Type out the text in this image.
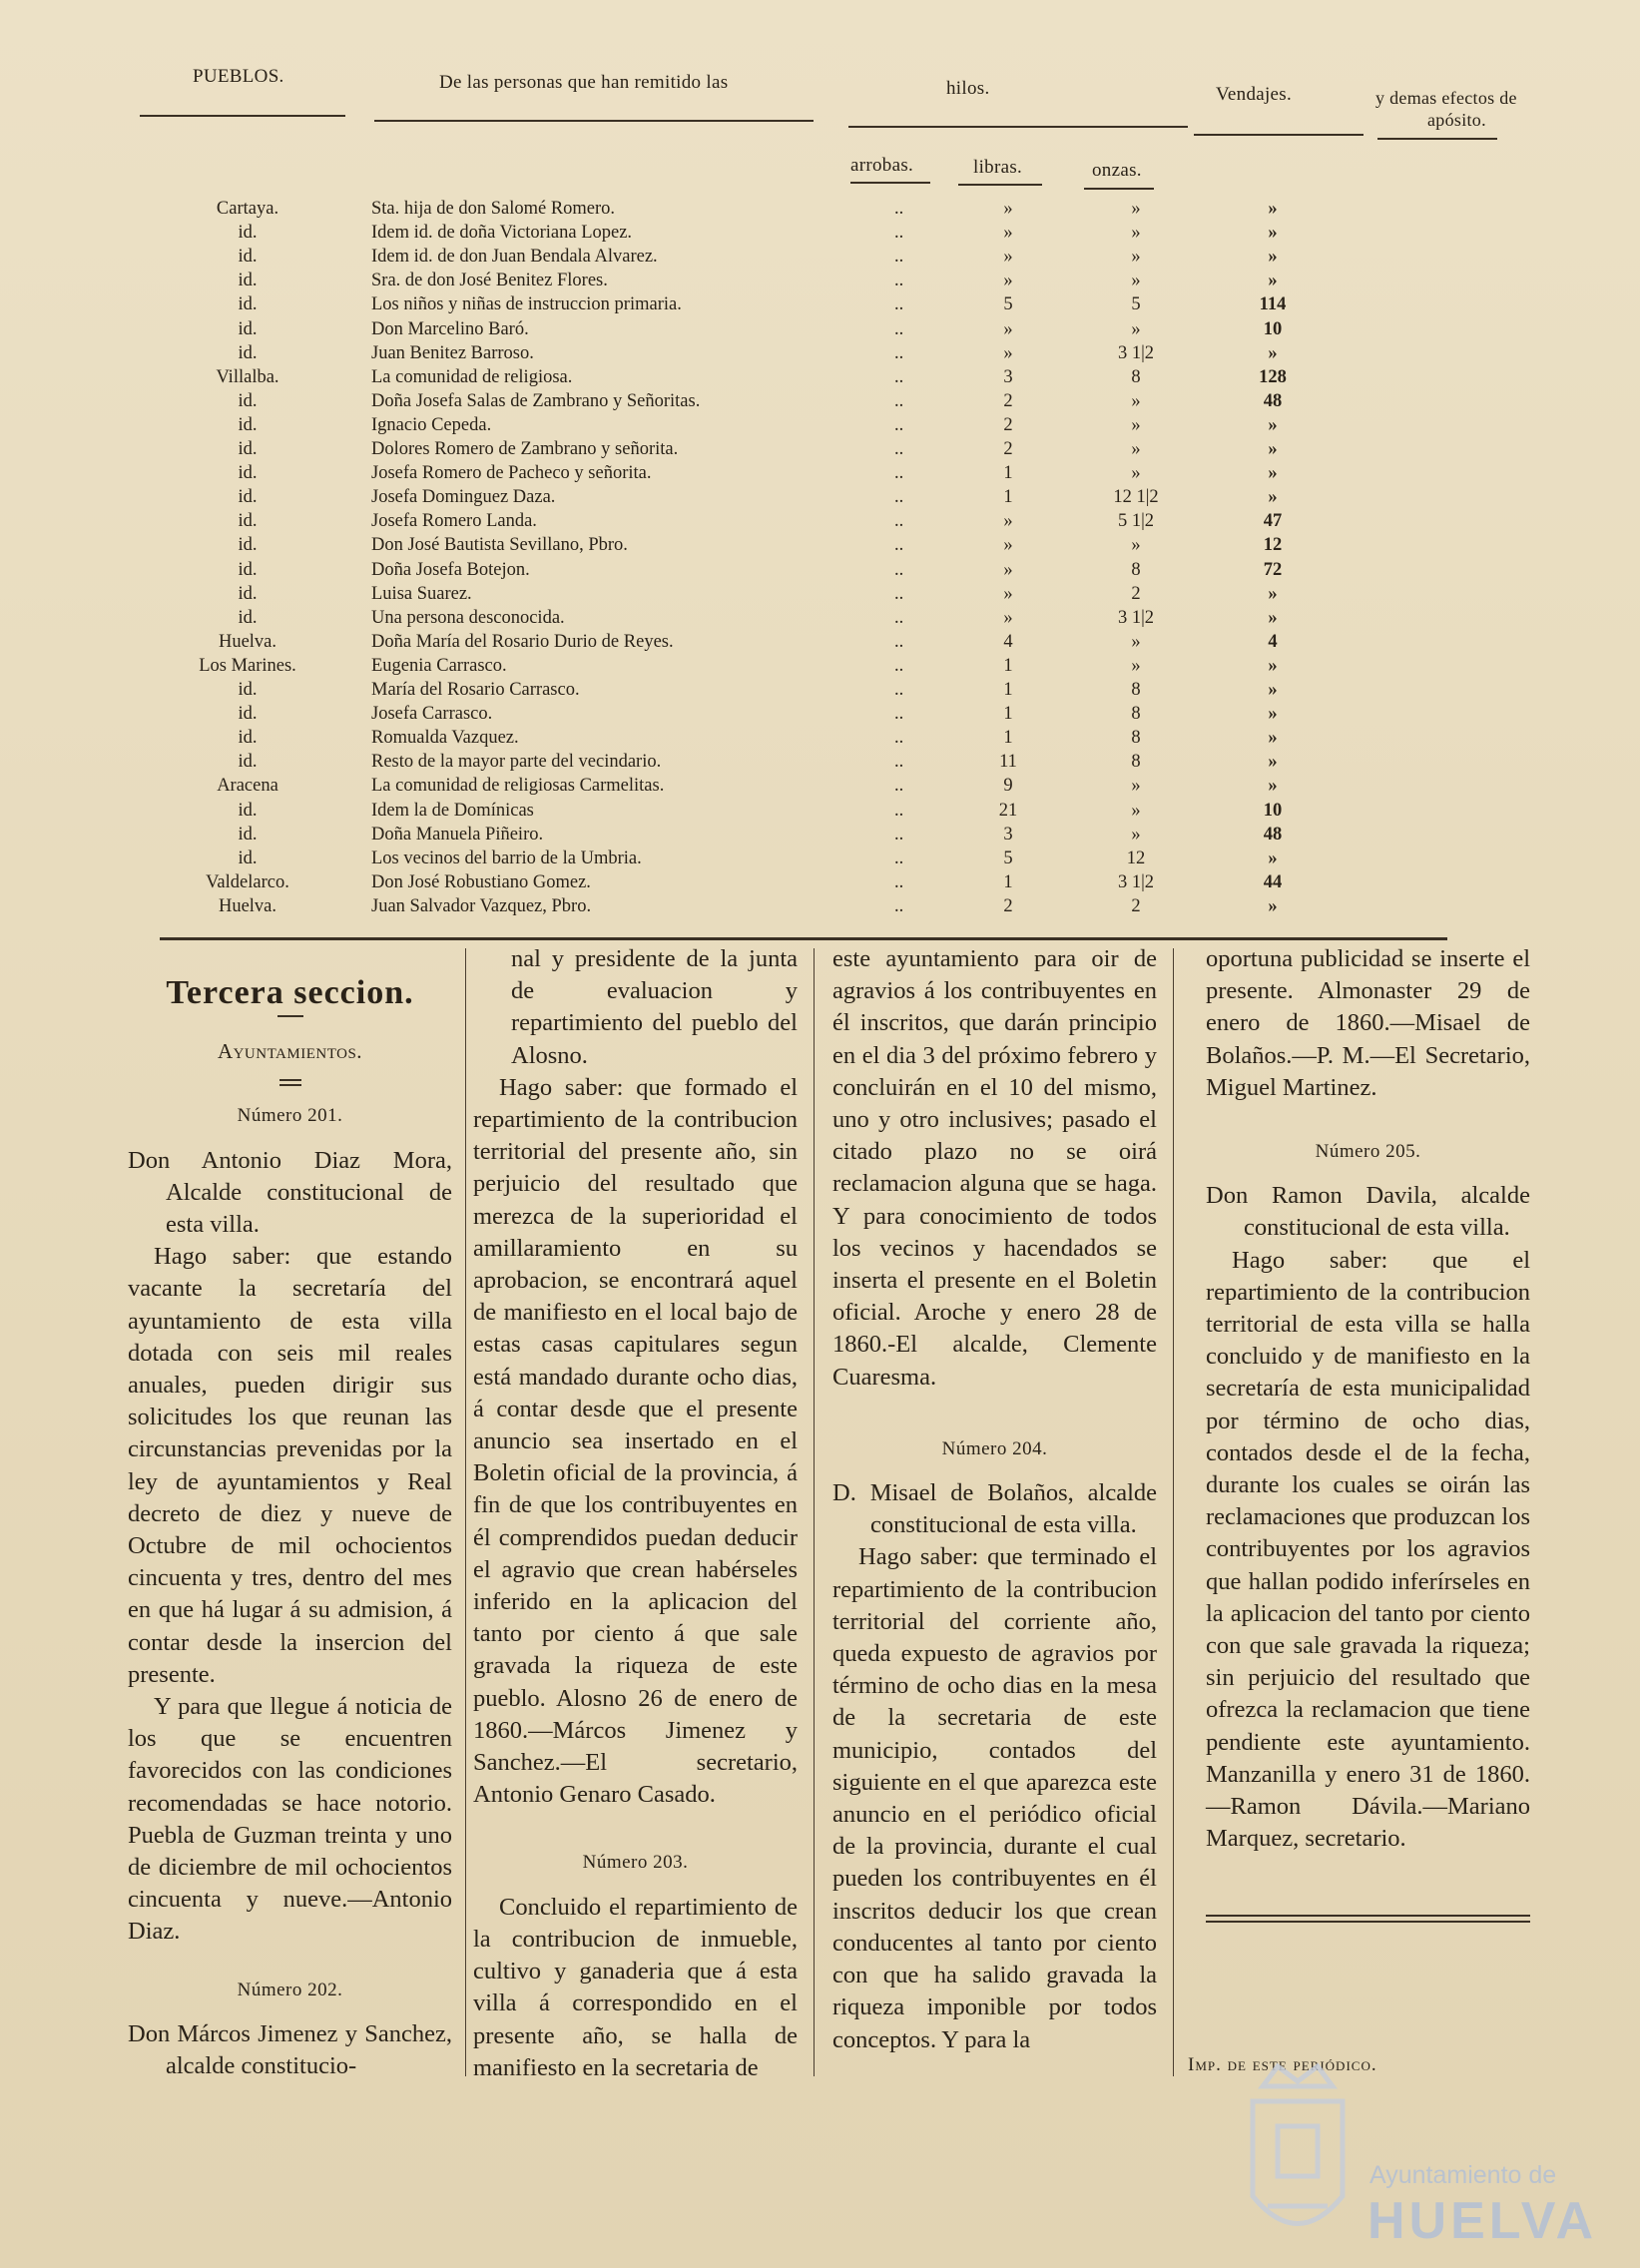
PUEBLOS.	De las personas que han remitido las	hilos.	Vendajes.	y demas efectos de
apósito.
arrobas.	libras.	onzas.
Cartaya.	Sta. hija de don Salomé Romero.	..	»	»	»
id.	Idem id. de doña Victoriana Lopez.	..	»	»	»
id.	Idem id. de don Juan Bendala Alvarez.	..	»	»	»
id.	Sra. de don José Benitez Flores.	..	»	»	»
id.	Los niños y niñas de instruccion primaria.	..	5	5	114
id.	Don Marcelino Baró.	..	»	»	10
id.	Juan Benitez Barroso.	..	»	3 1|2	»
Villalba.	La comunidad de religiosa.	..	3	8	128
id.	Doña Josefa Salas de Zambrano y Señoritas.	..	2	»	48
id.	Ignacio Cepeda.	..	2	»	»
id.	Dolores Romero de Zambrano y señorita.	..	2	»	»
id.	Josefa Romero de Pacheco y señorita.	..	1	»	»
id.	Josefa Dominguez Daza.	..	1	12 1|2	»
id.	Josefa Romero Landa.	..	»	5 1|2	47
id.	Don José Bautista Sevillano, Pbro.	..	»	»	12
id.	Doña Josefa Botejon.	..	»	8	72
id.	Luisa Suarez.	..	»	2	»
id.	Una persona desconocida.	..	»	3 1|2	»
Huelva.	Doña María del Rosario Durio de Reyes.	..	4	»	4
Los Marines.	Eugenia Carrasco.	..	1	»	»
id.	María del Rosario Carrasco.	..	1	8	»
id.	Josefa Carrasco.	..	1	8	»
id.	Romualda Vazquez.	..	1	8	»
id.	Resto de la mayor parte del vecindario.	..	11	8	»
Aracena	La comunidad de religiosas Carmelitas.	..	9	»	»
id.	Idem la de Domínicas	..	21	»	10
id.	Doña Manuela Piñeiro.	..	3	»	48
id.	Los vecinos del barrio de la Umbria.	..	5	12	»
Valdelarco.	Don José Robustiano Gomez.	..	1	3 1|2	44
Huelva.	Juan Salvador Vazquez, Pbro.	..	2	2	»
Tercera seccion.
Ayuntamientos.
Número 201.

Don Antonio Diaz Mora, Alcalde constitucional de esta villa.

Hago saber: que estando vacante la secretaría del ayuntamiento de esta villa dotada con seis mil reales anuales, pueden dirigir sus solicitudes los que reunan las circunstancias prevenidas por la ley de ayuntamientos y Real decreto de diez y nueve de Octubre de mil ochocientos cincuenta y tres, dentro del mes en que há lugar á su admision, á contar desde la insercion del presente.

Y para que llegue á noticia de los que se encuentren favorecidos con las condiciones recomendadas se hace notorio. Puebla de Guzman treinta y uno de diciembre de mil ochocientos cincuenta y nueve.—Antonio Diaz.

Número 202.

Don Márcos Jimenez y Sanchez, alcalde constitucio-

nal y presidente de la junta de evaluacion y repartimiento del pueblo del Alosno.

Hago saber: que formado el repartimiento de la contribucion territorial del presente año, sin perjuicio del resultado que merezca de la superioridad el amillaramiento en su aprobacion, se encontrará aquel de manifiesto en el local bajo de estas casas capitulares segun está mandado durante ocho dias, á contar desde que el presente anuncio sea insertado en el Boletin oficial de la provincia, á fin de que los contribuyentes en él comprendidos puedan deducir el agravio que crean habérseles inferido en la aplicacion del tanto por ciento á que sale gravada la riqueza de este pueblo. Alosno 26 de enero de 1860.—Márcos Jimenez y Sanchez.—El secretario, Antonio Genaro Casado.

Número 203.

Concluido el repartimiento de la contribucion de inmueble, cultivo y ganaderia que á esta villa á correspondido en el presente año, se halla de manifiesto en la secretaria de

este ayuntamiento para oir de agravios á los contribuyentes en él inscritos, que darán principio en el dia 3 del próximo febrero y concluirán en el 10 del mismo, uno y otro inclusives; pasado el citado plazo no se oirá reclamacion alguna que se haga. Y para conocimiento de todos los vecinos y hacendados se inserta el presente en el Boletin oficial. Aroche y enero 28 de 1860.-El alcalde, Clemente Cuaresma.

Número 204.

D. Misael de Bolaños, alcalde constitucional de esta villa.

Hago saber: que terminado el repartimiento de la contribucion territorial del corriente año, queda expuesto de agravios por término de ocho dias en la mesa de la secretaria de este municipio, contados del siguiente en el que aparezca este anuncio en el periódico oficial de la provincia, durante el cual pueden los contribuyentes en él inscritos deducir los que crean conducentes al tanto por ciento con que ha salido gravada la riqueza imponible por todos conceptos. Y para la

oportuna publicidad se inserte el presente. Almonaster 29 de enero de 1860.—Misael de Bolaños.—P. M.—El Secretario, Miguel Martinez.

Número 205.

Don Ramon Davila, alcalde constitucional de esta villa.

Hago saber: que el repartimiento de la contribucion territorial de esta villa se halla concluido y de manifiesto en la secretaría de esta municipalidad por término de ocho dias, contados desde el de la fecha, durante los cuales se oirán las reclamaciones que produzcan los contribuyentes por los agravios que hallan podido inferírseles en la aplicacion del tanto por ciento con que sale gravada la riqueza; sin perjuicio del resultado que ofrezca la reclamacion que tiene pendiente este ayuntamiento. Manzanilla y enero 31 de 1860.—Ramon Dávila.—Mariano Marquez, secretario.

Imp. de este periódico.
Ayuntamiento de
HUELVA
